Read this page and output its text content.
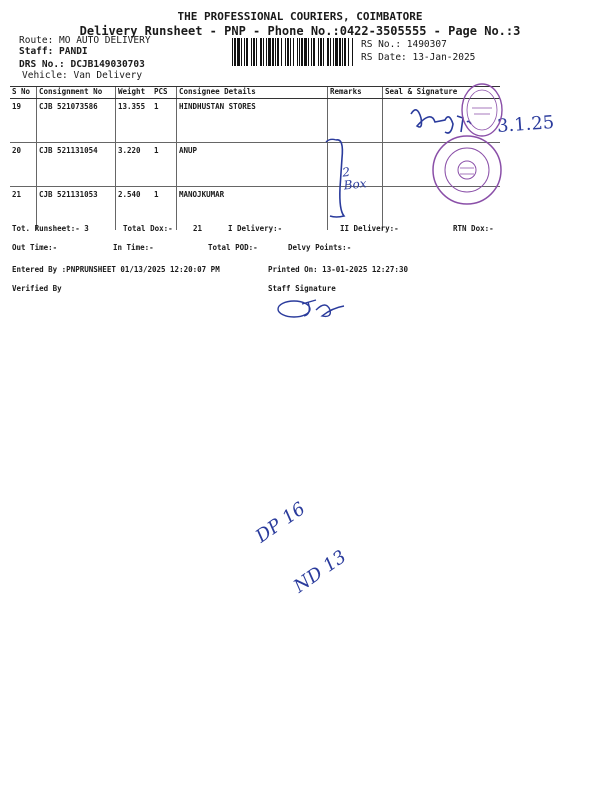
THE PROFESSIONAL COURIERS, COIMBATORE
Delivery Runsheet - PNP - Phone No.:0422-3505555 - Page No.:3
Route: MO AUTO DELIVERY
Staff: PANDI
DRS No.: DCJB149030703
Vehicle: Van Delivery
RS No.: 1490307
RS Date: 13-Jan-2025
S No	Consignment No	Weight	PCS	Consignee Details	Remarks	Seal & Signature
19	CJB 521073586	13.355	1	HINDHUSTAN STORES		
20	CJB 521131054	3.220	1	ANUP		
21	CJB 521131053	2.540	1	MANOJKUMAR		
Tot. Runsheet:- 3	Total Dox:-	21	I Delivery:-	II Delivery:-	RTN Dox:-
Out Time:-	In Time:-	Total POD:-	Delvy Points:-
Entered By :PNPRUNSHEET 01/13/2025 12:20:07 PM	Printed On: 13-01-2025 12:27:30
Verified By	Staff Signature
2 Box
3.1.25
DP 16
ND 13
